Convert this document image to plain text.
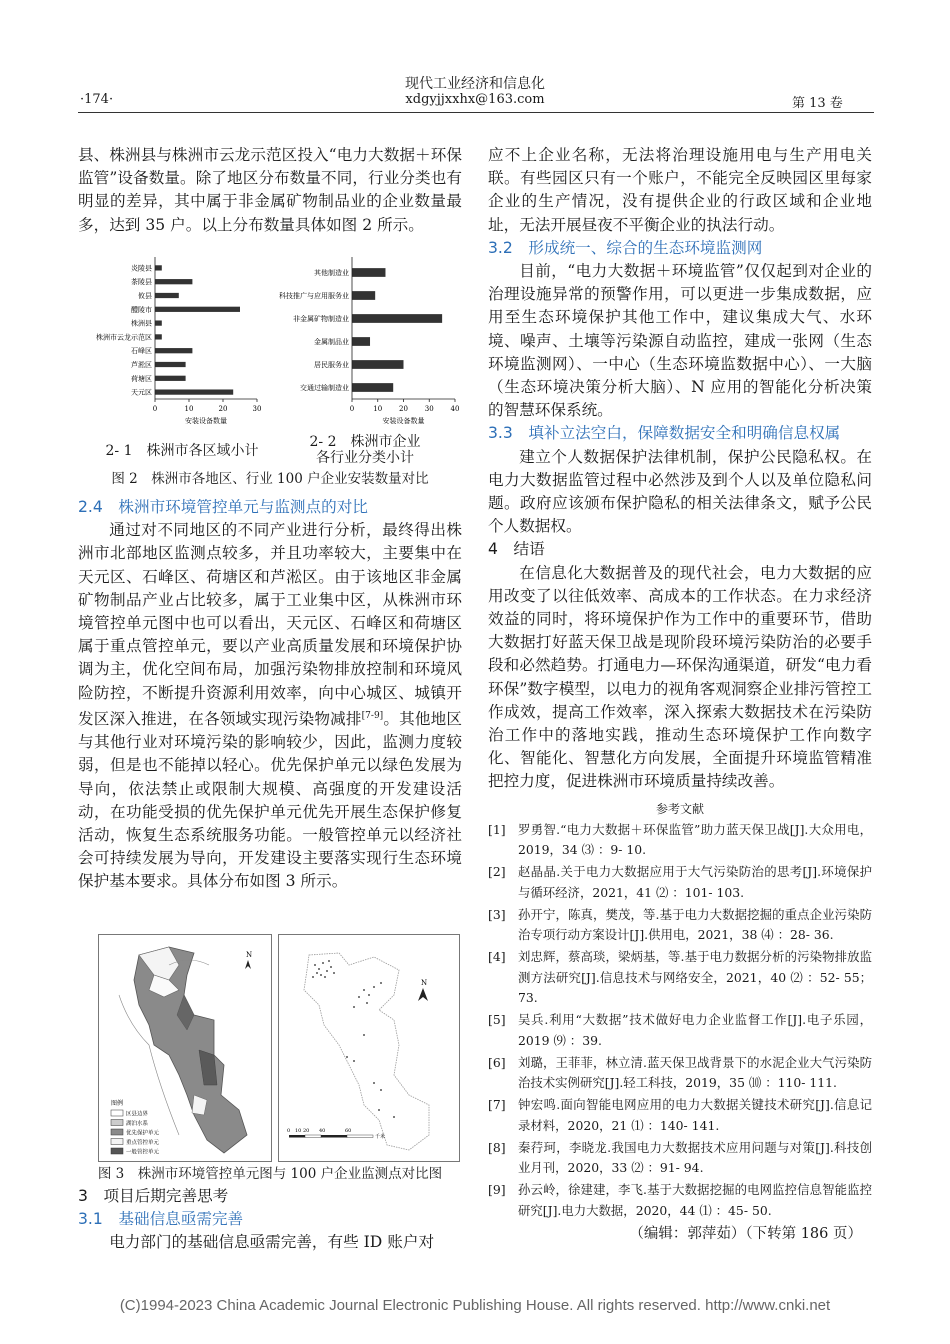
现代工业经济和信息化
xdgyjjxxhx@163.com
·174·	第 13 卷

县、株洲县与株洲市云龙示范区投入“电力大数据＋环保监管”设备数量。除了地区分布数量不同，行业分类也有明显的差异，其中属于非金属矿物制品业的企业数量最多，达到 35 户。以上分布数量具体如图 2 所示。

炎陵县
茶陵县
攸县
醴陵市
株洲县
株洲市云龙示范区
石峰区
芦淞区
荷塘区
天元区
0	10	20	30
安装设备数量
其他制造业
科技推广与应用服务业
非金属矿物制造业
金属制品业
居民服务业
交通过输制造业
0	10 20 30 40
安装设备数量
2- 1　株洲市各区域小计
2- 2　株洲市企业
各行业分类小计
图 2　株洲市各地区、行业 100 户企业安装数量对比
2.4　株洲市环境管控单元与监测点的对比

通过对不同地区的不同产业进行分析，最终得出株洲市北部地区监测点较多，并且功率较大，主要集中在天元区、石峰区、荷塘区和芦淞区。由于该地区非金属矿物制品产业占比较多，属于工业集中区，从株洲市环境管控单元图中也可以看出，天元区、石峰区和荷塘区属于重点管控单元，要以产业高质量发展和环境保护协调为主，优化空间布局，加强污染物排放控制和环境风险防控，不断提升资源利用效率，向中心城区、城镇开发区深入推进，在各领域实现污染物减排[7-9]。其他地区与其他行业对环境污染的影响较少，因此，监测力度较弱，但是也不能掉以轻心。优先保护单元以绿色发展为导向，依法禁止或限制大规模、高强度的开发建设活动，在功能受损的优先保护单元优先开展生态保护修复活动，恢复生态系统服务功能。一般管控单元以经济社会可持续发展为导向，开发建设主要落实现行生态环境保护基本要求。具体分布如图 3 所示。

N
图例
区县边界
湖泊水系
优先保护单元
重点管控单元
一般管控单元
N
0 10 20 40	60
千米
图 3　株洲市环境管控单元图与 100 户企业监测点对比图
3　项目后期完善思考
3.1　基础信息亟需完善

电力部门的基础信息亟需完善，有些 ID 账户对

应不上企业名称，无法将治理设施用电与生产用电关联。有些园区只有一个账户，不能完全反映园区里每家企业的生产情况，没有提供企业的行政区域和企业地址，无法开展昼夜不平衡企业的执法行动。

3.2　形成统一、综合的生态环境监测网

目前，“电力大数据＋环境监管”仅仅起到对企业的治理设施异常的预警作用，可以更进一步集成数据，应用至生态环境保护其他工作中，建议集成大气、水环境、噪声、土壤等污染源自动监控，建成一张网（生态环境监测网）、一中心（生态环境监数据中心）、一大脑（生态环境决策分析大脑）、N 应用的智能化分析决策的智慧环保系统。

3.3　填补立法空白，保障数据安全和明确信息权属

建立个人数据保护法律机制，保护公民隐私权。在电力大数据监管过程中必然涉及到个人以及单位隐私问题。政府应该颁布保护隐私的相关法律条文，赋予公民个人数据权。

4　结语

在信息化大数据普及的现代社会，电力大数据的应用改变了以往低效率、高成本的工作状态。在力求经济效益的同时，将环境保护作为工作中的重要环节，借助大数据打好蓝天保卫战是现阶段环境污染防治的必要手段和必然趋势。打通电力—环保沟通渠道，研发“电力看环保”数字模型，以电力的视角客观洞察企业排污管控工作成效，提高工作效率，深入探索大数据技术在污染防治工作中的落地实践，推动生态环境保护工作向数字化、智能化、智慧化方向发展，全面提升环境监管精准把控力度，促进株洲市环境质量持续改善。

参考文献
[1]	罗勇智.“电力大数据＋环保监管”助力蓝天保卫战[J].大众用电，2019，34 ⑶ ：9- 10.
[2]	赵晶晶.关于电力大数据应用于大气污染防治的思考[J].环境保护与循环经济，2021，41 ⑵ ：101- 103.
[3]	孙开宁，陈真，樊茂，等.基于电力大数据挖掘的重点企业污染防治专项行动方案设计[J].供用电，2021，38 ⑷ ：28- 36.
[4]	刘忠辉，蔡高琰，梁炳基，等.基于电力数据分析的污染物排放监测方法研究[J].信息技术与网络安全，2021，40 ⑵ ：52- 55；73.
[5]	吴兵.利用“大数据”技术做好电力企业监督工作[J].电子乐园，2019 ⑼ ：39.
[6]	刘璐，王菲菲，林立清.蓝天保卫战背景下的水泥企业大气污染防治技术实例研究[J].轻工科技，2019，35 ⑽ ：110- 111.
[7]	钟宏鸣.面向智能电网应用的电力大数据关键技术研究[J].信息记录材料，2020，21 ⑴ ：140- 141.
[8]	秦荇珂，李晓龙.我国电力大数据技术应用问题与对策[J].科技创业月刊，2020，33 ⑵ ：91- 94.
[9]	孙云岭，徐建建，李飞.基于大数据挖掘的电网监控信息智能监控研究[J].电力大数据，2020，44 ⑴ ：45- 50.
（编辑：郭萍茹）（下转第 186 页）
(C)1994-2023 China Academic Journal Electronic Publishing House. All rights reserved. http://www.cnki.net
